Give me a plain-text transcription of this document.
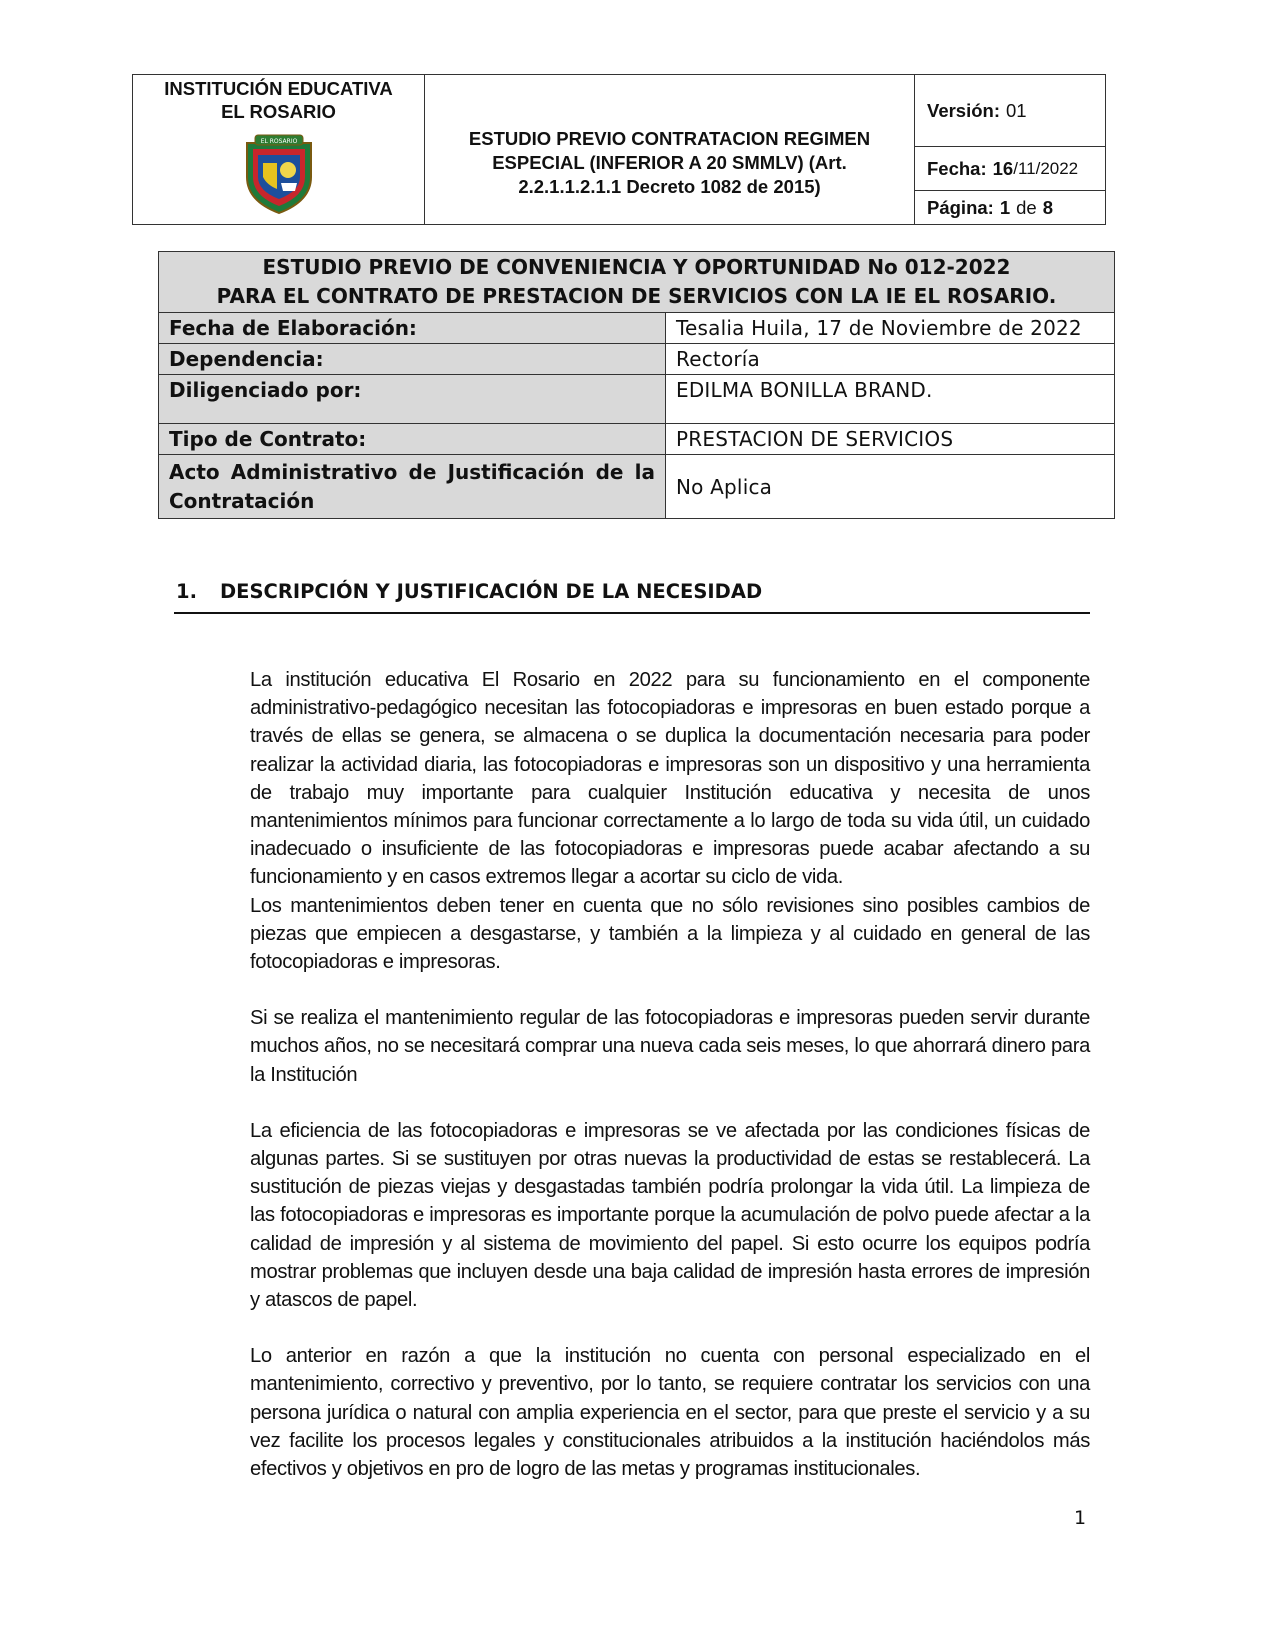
INSTITUCIÓN EDUCATIVA
EL ROSARIO
EL ROSARIO	ESTUDIO PREVIO CONTRATACION REGIMEN ESPECIAL (INFERIOR A 20 SMMLV) (Art. 2.2.1.1.2.1.1 Decreto 1082 de 2015)
Versión: 01
Fecha: 16 /11/2022
Página: 1 de 8
ESTUDIO PREVIO DE CONVENIENCIA Y OPORTUNIDAD No 012-2022
PARA EL CONTRATO DE PRESTACION DE SERVICIOS CON LA IE EL ROSARIO.	

Fecha de Elaboración:	Tesalia Huila, 17 de Noviembre de 2022
Dependencia:	Rectoría
Diligenciado por:	EDILMA BONILLA BRAND.
Tipo de Contrato:	PRESTACION DE SERVICIOS

Acto Administrativo de Justificación de la
Contratación	No Aplica
1. DESCRIPCIÓN Y JUSTIFICACIÓN DE LA NECESIDAD

La institución educativa El Rosario en 2022 para su funcionamiento en el componente administrativo-pedagógico necesitan las fotocopiadoras e impresoras en buen estado porque a través de ellas se genera, se almacena o se duplica la documentación necesaria para poder realizar la actividad diaria, las fotocopiadoras e impresoras son un dispositivo y una herramienta de trabajo muy importante para cualquier Institución educativa y necesita de unos mantenimientos mínimos para funcionar correctamente a lo largo de toda su vida útil, un cuidado inadecuado o insuficiente de las fotocopiadoras e impresoras puede acabar afectando a su funcionamiento y en casos extremos llegar a acortar su ciclo de vida.

Los mantenimientos deben tener en cuenta que no sólo revisiones sino posibles cambios de piezas que empiecen a desgastarse, y también a la limpieza y al cuidado en general de las fotocopiadoras e impresoras.

Si se realiza el mantenimiento regular de las fotocopiadoras e impresoras pueden servir durante muchos años, no se necesitará comprar una nueva cada seis meses, lo que ahorrará dinero para la Institución

La eficiencia de las fotocopiadoras e impresoras se ve afectada por las condiciones físicas de algunas partes. Si se sustituyen por otras nuevas la productividad de estas se restablecerá. La sustitución de piezas viejas y desgastadas también podría prolongar la vida útil. La limpieza de las fotocopiadoras e impresoras es importante porque la acumulación de polvo puede afectar a la calidad de impresión y al sistema de movimiento del papel. Si esto ocurre los equipos podría mostrar problemas que incluyen desde una baja calidad de impresión hasta errores de impresión y atascos de papel.

Lo anterior en razón a que la institución no cuenta con personal especializado en el mantenimiento, correctivo y preventivo, por lo tanto, se requiere contratar los servicios con una persona jurídica o natural con amplia experiencia en el sector, para que preste el servicio y a su vez facilite los procesos legales y constitucionales atribuidos a la institución haciéndolos más efectivos y objetivos en pro de logro de las metas y programas institucionales.

1
